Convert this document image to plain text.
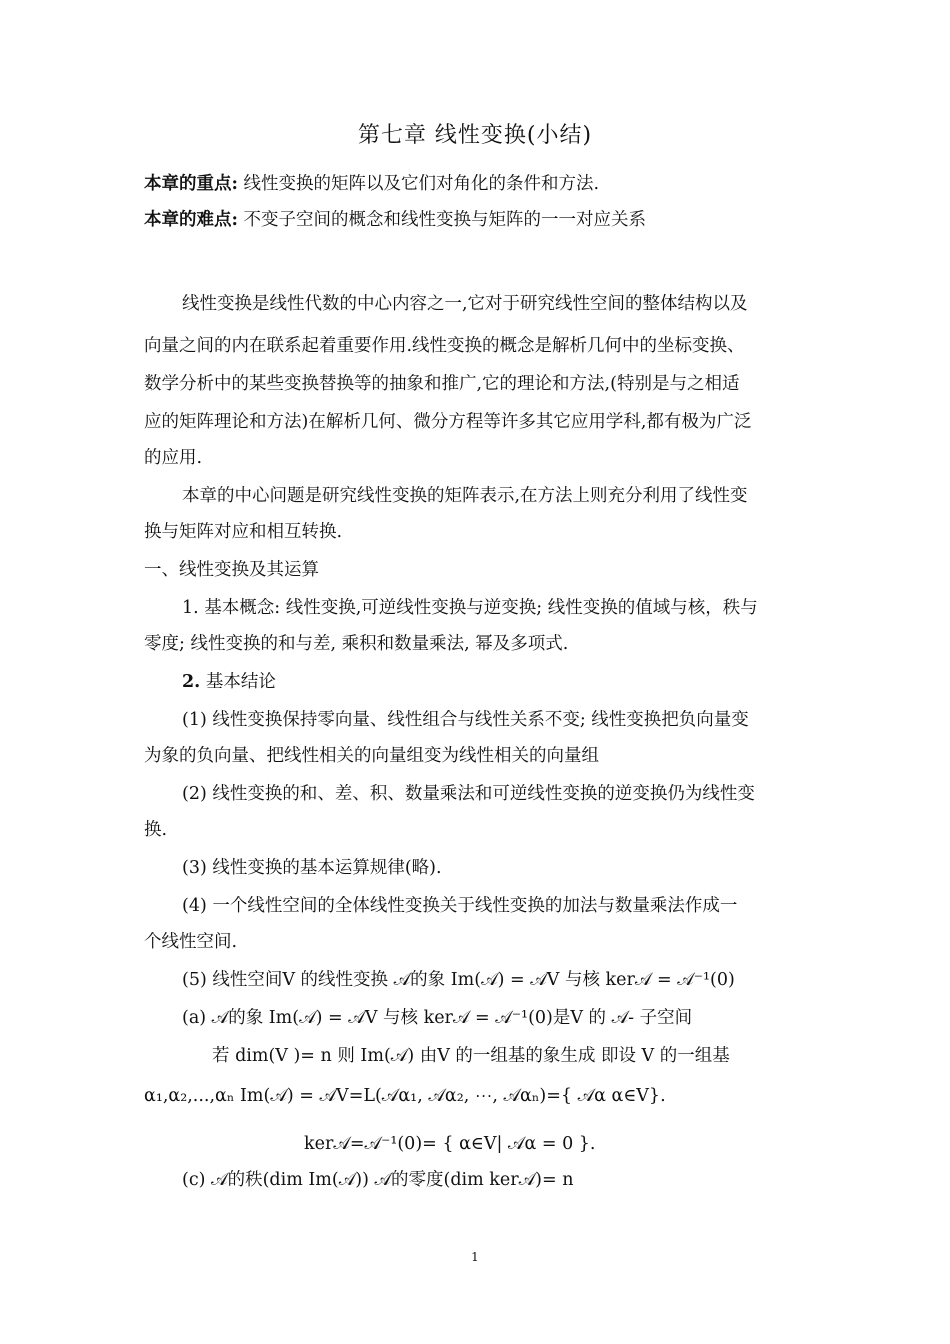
第七章 线性变换(小结)
本章的重点: 线性变换的矩阵以及它们对角化的条件和方法.
本章的难点: 不变子空间的概念和线性变换与矩阵的一一对应关系
线性变换是线性代数的中心内容之一,它对于研究线性空间的整体结构以及
向量之间的内在联系起着重要作用.线性变换的概念是解析几何中的坐标变换、
数学分析中的某些变换替换等的抽象和推广,它的理论和方法,(特别是与之相适
应的矩阵理论和方法)在解析几何、微分方程等许多其它应用学科,都有极为广泛
的应用.
本章的中心问题是研究线性变换的矩阵表示,在方法上则充分利用了线性变
换与矩阵对应和相互转换.
一、线性变换及其运算
1. 基本概念: 线性变换,可逆线性变换与逆变换; 线性变换的值域与核，秩与
零度; 线性变换的和与差, 乘积和数量乘法, 幂及多项式.
2. 基本结论
(1) 线性变换保持零向量、线性组合与线性关系不变; 线性变换把负向量变
为象的负向量、把线性相关的向量组变为线性相关的向量组
(2) 线性变换的和、差、积、数量乘法和可逆线性变换的逆变换仍为线性变
换.
(3) 线性变换的基本运算规律(略).
(4) 一个线性空间的全体线性变换关于线性变换的加法与数量乘法作成一
个线性空间.
(5) 线性空间V 的线性变换 𝒜的象 Im(𝒜) = 𝒜V 与核 ker𝒜 = 𝒜⁻¹(0)
(a) 𝒜的象 Im(𝒜) = 𝒜V 与核 ker𝒜 = 𝒜⁻¹(0)是V 的 𝒜- 子空间
若 dim(V )= n 则 Im(𝒜) 由V 的一组基的象生成 即设 V 的一组基
α₁,α₂,...,αₙ Im(𝒜) = 𝒜V=L(𝒜α₁, 𝒜α₂, ⋯, 𝒜αₙ)={ 𝒜α α∈V}.
ker𝒜=𝒜⁻¹(0)= { α∈V| 𝒜α = 0 }.
(c) 𝒜的秩(dim Im(𝒜)) 𝒜的零度(dim ker𝒜)= n
1
